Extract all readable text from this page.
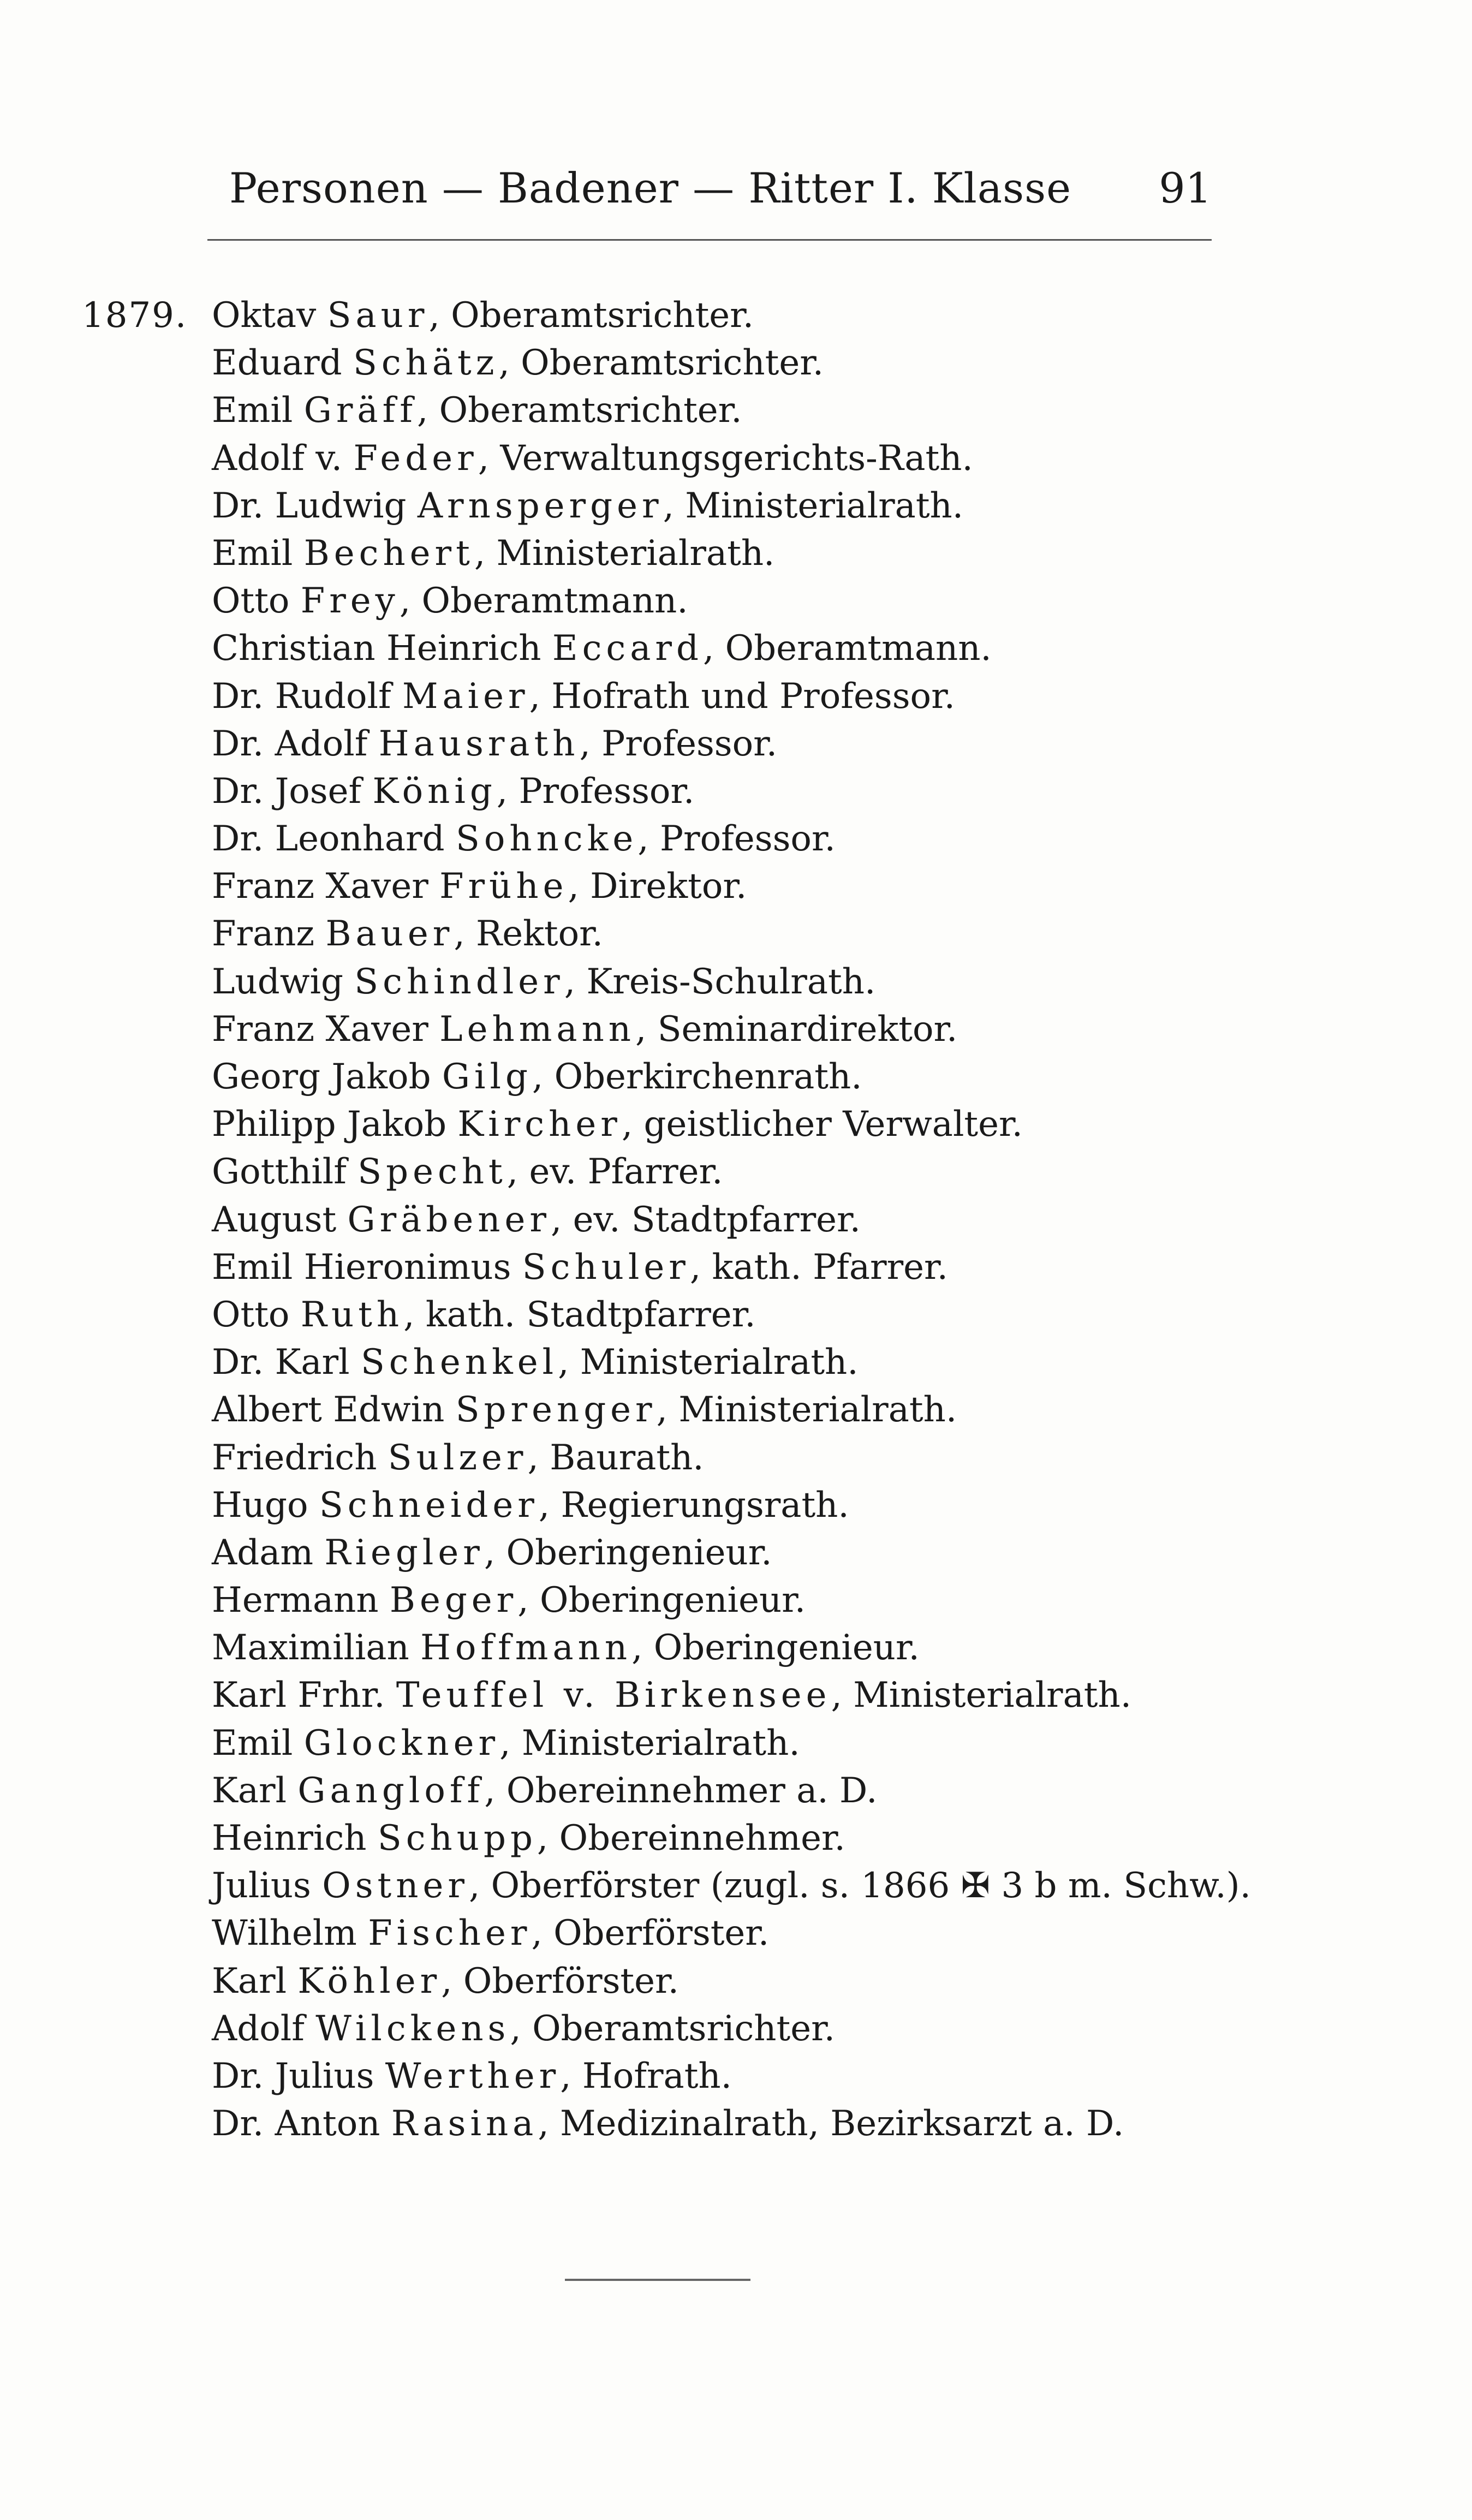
Personen — Badener — Ritter I. Klasse 91
1879. Oktav Saur, Oberamtsrichter.
Eduard Schätz, Oberamtsrichter.
Emil Gräff, Oberamtsrichter.
Adolf v. Feder, Verwaltungsgerichts-Rath.
Dr. Ludwig Arnsperger, Ministerialrath.
Emil Bechert, Ministerialrath.
Otto Frey, Oberamtmann.
Christian Heinrich Eccard, Oberamtmann.
Dr. Rudolf Maier, Hofrath und Professor.
Dr. Adolf Hausrath, Professor.
Dr. Josef König, Professor.
Dr. Leonhard Sohncke, Professor.
Franz Xaver Frühe, Direktor.
Franz Bauer, Rektor.
Ludwig Schindler, Kreis-Schulrath.
Franz Xaver Lehmann, Seminardirektor.
Georg Jakob Gilg, Oberkirchenrath.
Philipp Jakob Kircher, geistlicher Verwalter.
Gotthilf Specht, ev. Pfarrer.
August Gräbener, ev. Stadtpfarrer.
Emil Hieronimus Schuler, kath. Pfarrer.
Otto Ruth, kath. Stadtpfarrer.
Dr. Karl Schenkel, Ministerialrath.
Albert Edwin Sprenger, Ministerialrath.
Friedrich Sulzer, Baurath.
Hugo Schneider, Regierungsrath.
Adam Riegler, Oberingenieur.
Hermann Beger, Oberingenieur.
Maximilian Hoffmann, Oberingenieur.
Karl Frhr. Teuffel v. Birkensee, Ministerialrath.
Emil Glockner, Ministerialrath.
Karl Gangloff, Obereinnehmer a. D.
Heinrich Schupp, Obereinnehmer.
Julius Ostner, Oberförster (zugl. s. 1866 ✠ 3 b m. Schw.).
Wilhelm Fischer, Oberförster.
Karl Köhler, Oberförster.
Adolf Wilckens, Oberamtsrichter.
Dr. Julius Werther, Hofrath.
Dr. Anton Rasina, Medizinalrath, Bezirksarzt a. D.
